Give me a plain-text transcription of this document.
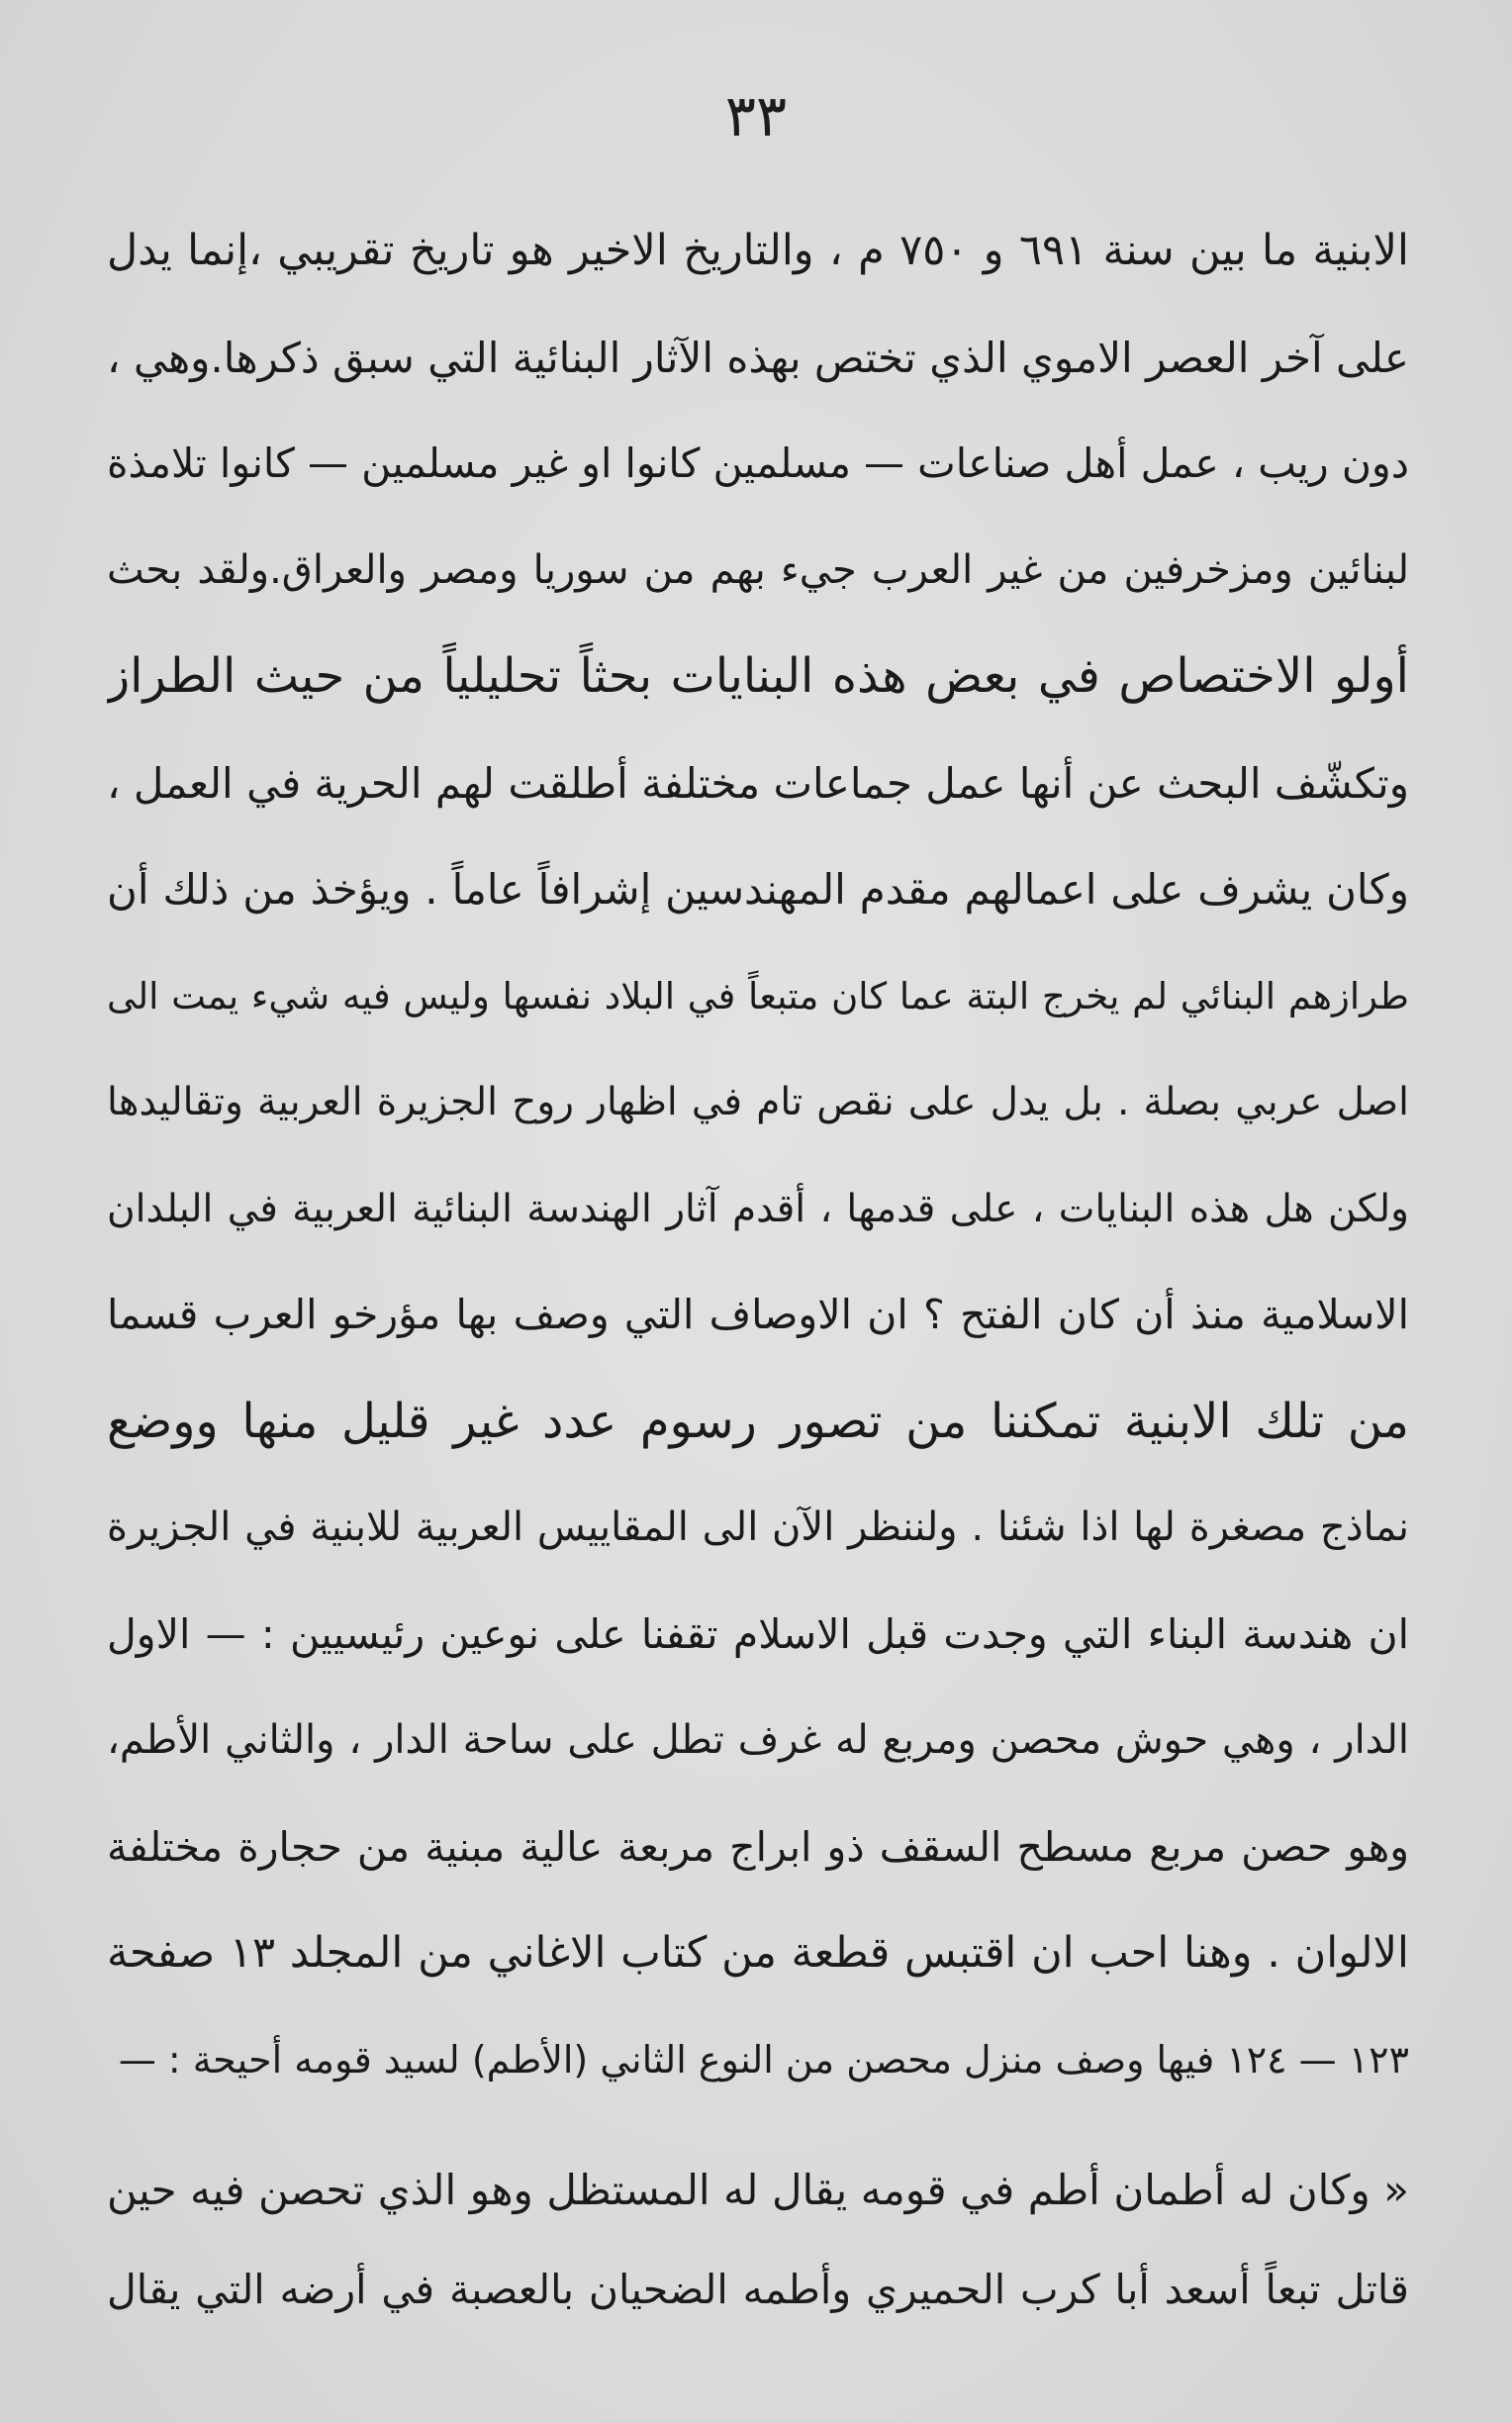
٣٣
الابنية ما بين سنة ٦٩١ و ٧٥٠ م ، والتاريخ الاخير هو تاريخ تقريبي ،إنما يدل
على آخر العصر الاموي الذي تختص بهذه الآثار البنائية التي سبق ذكرها.وهي ،
دون ريب ، عمل أهل صناعات — مسلمين كانوا او غير مسلمين — كانوا تلامذة
لبنائين ومزخرفين من غير العرب جيء بهم من سوريا ومصر والعراق.ولقد بحث
أولو الاختصاص في بعض هذه البنايات بحثاً تحليلياً من حيث الطراز
وتكشّف البحث عن أنها عمل جماعات مختلفة أطلقت لهم الحرية في العمل ،
وكان يشرف على اعمالهم مقدم المهندسين إشرافاً عاماً . ويؤخذ من ذلك أن
طرازهم البنائي لم يخرج البتة عما كان متبعاً في البلاد نفسها وليس فيه شيء يمت الى
اصل عربي بصلة . بل يدل على نقص تام في اظهار روح الجزيرة العربية وتقاليدها
ولكن هل هذه البنايات ، على قدمها ، أقدم آثار الهندسة البنائية العربية في البلدان
الاسلامية منذ أن كان الفتح ؟ ان الاوصاف التي وصف بها مؤرخو العرب قسما
من تلك الابنية تمكننا من تصور رسوم عدد غير قليل منها ووضع
نماذج مصغرة لها اذا شئنا . ولننظر الآن الى المقاييس العربية للابنية في الجزيرة
ان هندسة البناء التي وجدت قبل الاسلام تقفنا على نوعين رئيسيين : — الاول
الدار ، وهي حوش محصن ومربع له غرف تطل على ساحة الدار ، والثاني الأطم،
وهو حصن مربع مسطح السقف ذو ابراج مربعة عالية مبنية من حجارة مختلفة
الالوان . وهنا احب ان اقتبس قطعة من كتاب الاغاني من المجلد ١٣ صفحة
١٢٣ — ١٢٤ فيها وصف منزل محصن من النوع الثاني (الأطم) لسيد قومه أحيحة : —
« وكان له أطمان أطم في قومه يقال له المستظل وهو الذي تحصن فيه حين
قاتل تبعاً أسعد أبا كرب الحميري وأطمه الضحيان بالعصبة في أرضه التي يقال
